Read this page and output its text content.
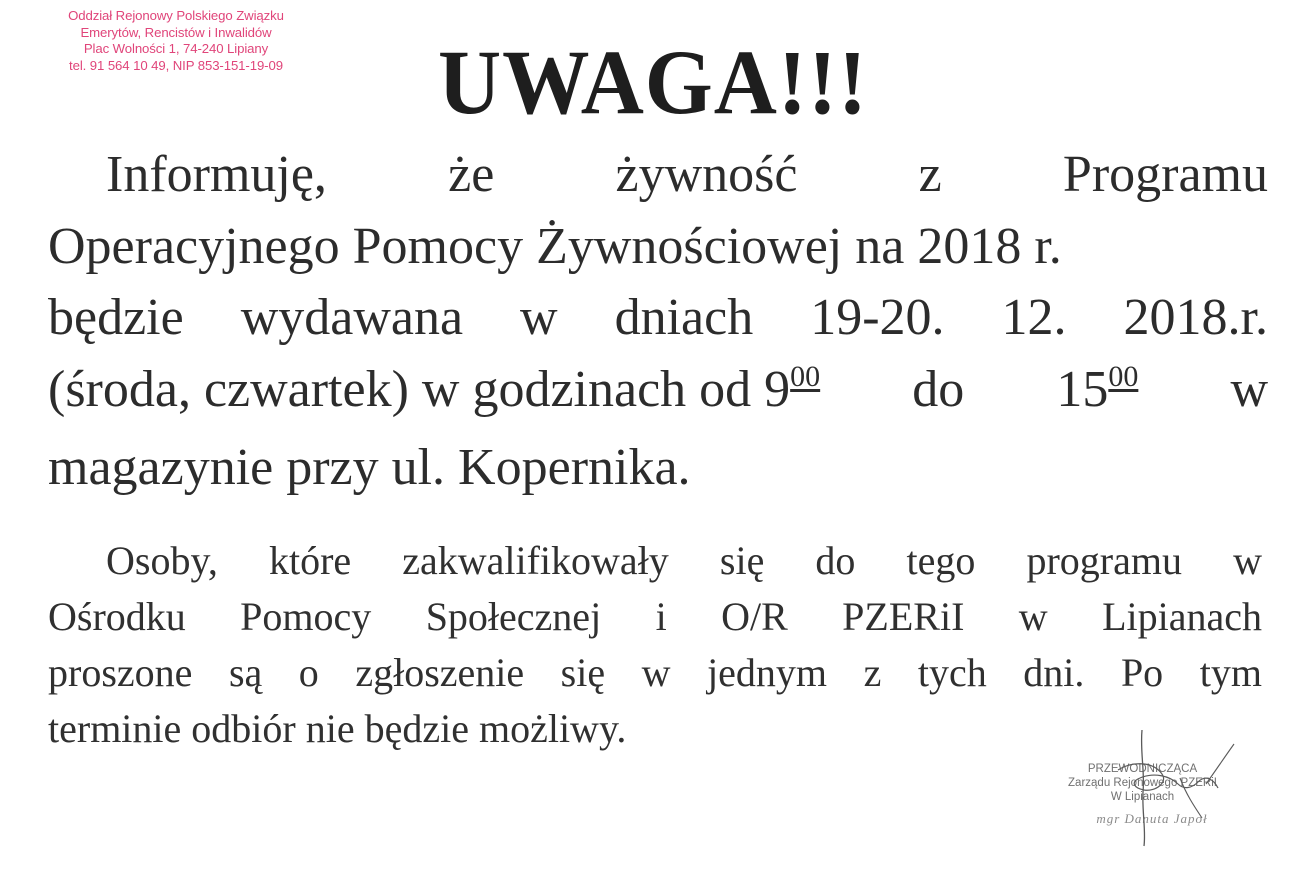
Oddział Rejonowy Polskiego Związku
Emerytów, Rencistów i Inwalidów
Plac Wolności 1, 74-240 Lipiany
tel. 91 564 10 49, NIP 853-151-19-09	UWAGA!!!
Informuję, że żywność z Programu
Operacyjnego Pomocy Żywnościowej na 2018 r.
będzie wydawana w dniach 19-20. 12. 2018.r.
(środa, czwartek) w godzinach od 900 do 1500 w
magazynie przy ul. Kopernika.
Osoby, które zakwalifikowały się do tego programu w
Ośrodku Pomocy Społecznej i O/R PZERiI w Lipianach
proszone są o zgłoszenie się w jednym z tych dni. Po tym
terminie odbiór nie będzie możliwy.
PRZEWODNICZĄCA
Zarządu Rejonowego PZERiI
W Lipianach
mgr Danuta Japoł
